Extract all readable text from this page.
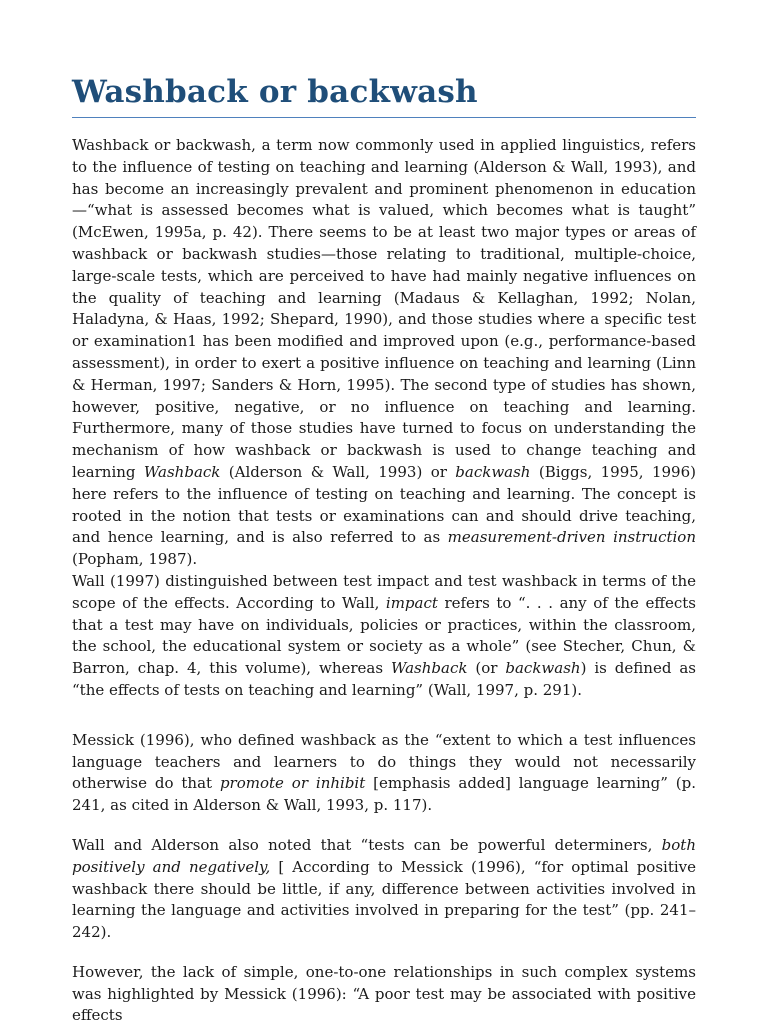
Washback or backwash

Washback or backwash, a term now commonly used in applied linguistics, refers to the influence of testing on teaching and learning (Alderson & Wall, 1993), and has become an increasingly prevalent and prominent phenomenon in education—“what is assessed becomes what is valued, which becomes what is taught” (McEwen, 1995a, p. 42). There seems to be at least two major types or areas of washback or backwash studies—those relating to traditional, multiple-choice, large-scale tests, which are perceived to have had mainly negative influences on the quality of teaching and learning (Madaus & Kellaghan, 1992; Nolan, Haladyna, & Haas, 1992; Shepard, 1990), and those studies where a specific test or examination1 has been modified and improved upon (e.g., performance-based assessment), in order to exert a positive influence on teaching and learning (Linn & Herman, 1997; Sanders & Horn, 1995). The second type of studies has shown, however, positive, negative, or no influence on teaching and learning. Furthermore, many of those studies have turned to focus on understanding the mechanism of how washback or backwash is used to change teaching and learning Washback (Alderson & Wall, 1993) or backwash (Biggs, 1995, 1996) here refers to the influence of testing on teaching and learning. The concept is rooted in the notion that tests or examinations can and should drive teaching, and hence learning, and is also referred to as measurement-driven instruction (Popham, 1987).

Wall (1997) distinguished between test impact and test washback in terms of the scope of the effects. According to Wall, impact refers to “. . . any of the effects that a test may have on individuals, policies or practices, within the classroom, the school, the educational system or society as a whole” (see Stecher, Chun, & Barron, chap. 4, this volume), whereas Washback (or backwash) is defined as “the effects of tests on teaching and learning” (Wall, 1997, p. 291).

Messick (1996), who defined washback as the “extent to which a test influences language teachers and learners to do things they would not necessarily otherwise do that promote or inhibit [emphasis added] language learning” (p. 241, as cited in Alderson & Wall, 1993, p. 117).

Wall and Alderson also noted that “tests can be powerful determiners, both positively and negatively, [ According to Messick (1996), “for optimal positive washback there should be little, if any, difference between activities involved in learning the language and activities involved in preparing for the test” (pp. 241–242).

However, the lack of simple, one-to-one relationships in such complex systems was highlighted by Messick (1996): “A poor test may be associated with positive effects
